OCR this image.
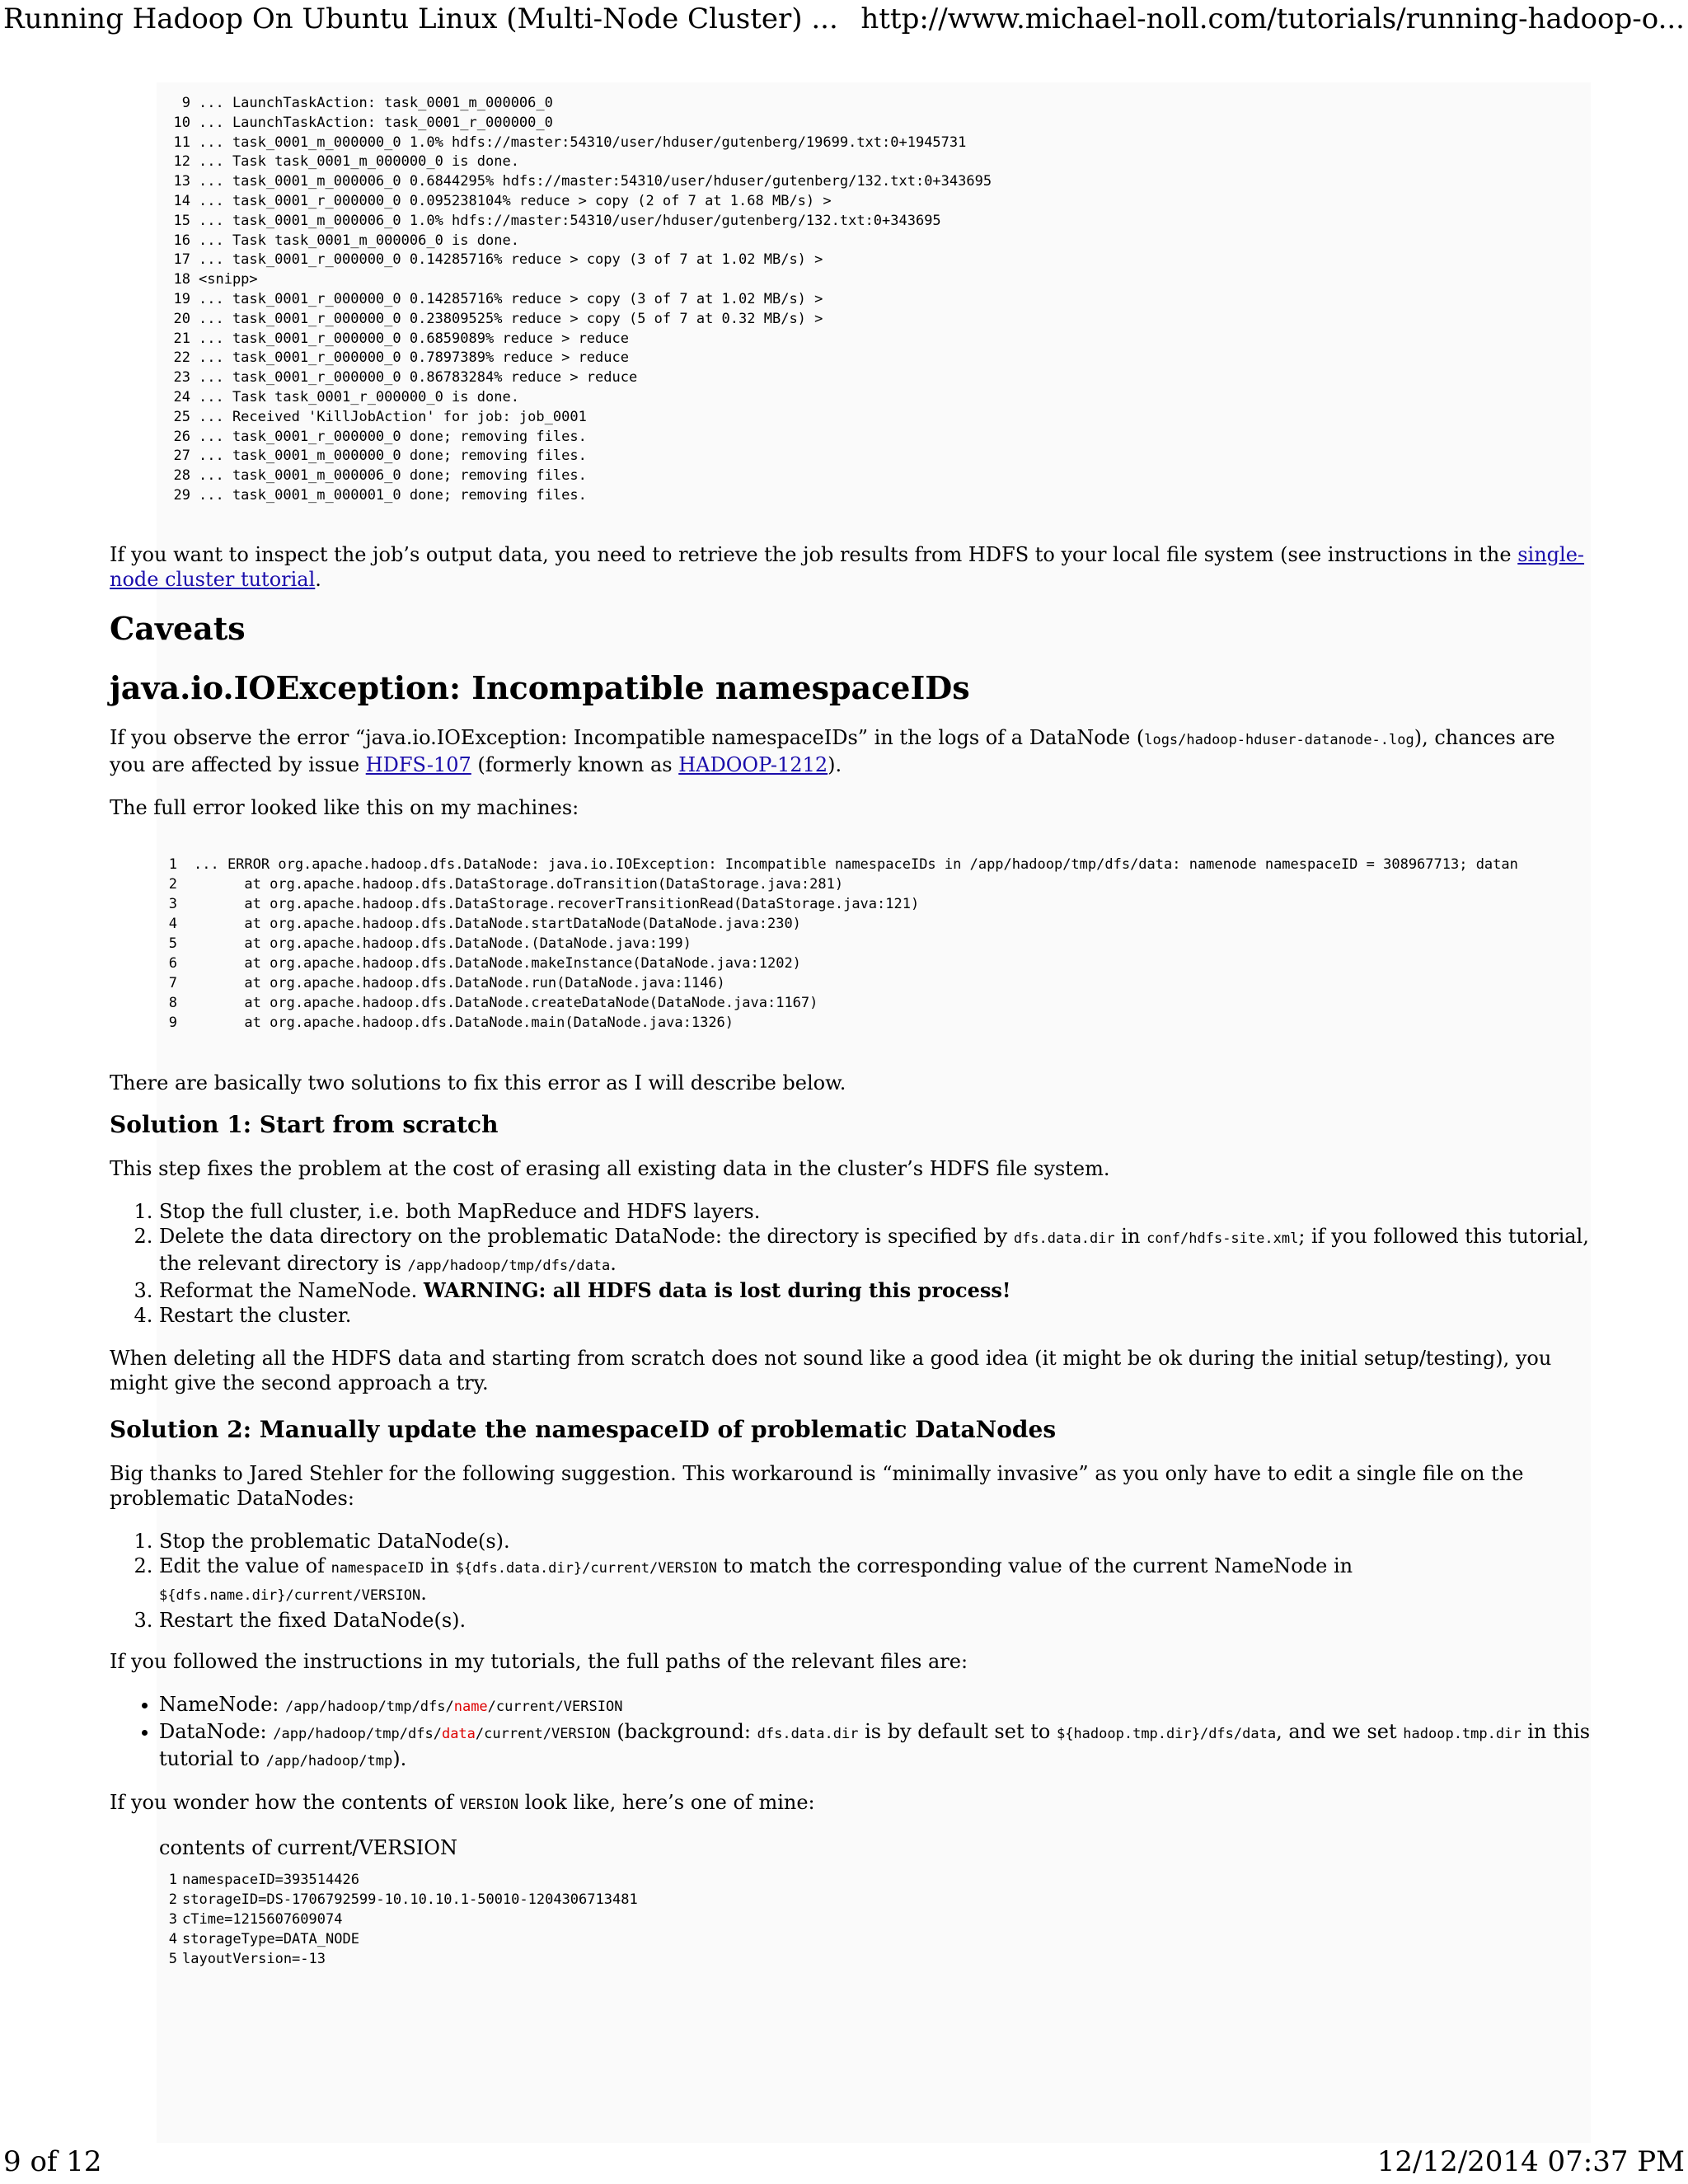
Running Hadoop On Ubuntu Linux (Multi-Node Cluster) ... http://www.michael-noll.com/tutorials/running-hadoop-o...
9 ... LaunchTaskAction: task_0001_m_000006_0
10 ... LaunchTaskAction: task_0001_r_000000_0
11 ... task_0001_m_000000_0 1.0% hdfs://master:54310/user/hduser/gutenberg/19699.txt:0+1945731
12 ... Task task_0001_m_000000_0 is done.
13 ... task_0001_m_000006_0 0.6844295% hdfs://master:54310/user/hduser/gutenberg/132.txt:0+343695
14 ... task_0001_r_000000_0 0.095238104% reduce > copy (2 of 7 at 1.68 MB/s) >
15 ... task_0001_m_000006_0 1.0% hdfs://master:54310/user/hduser/gutenberg/132.txt:0+343695
16 ... Task task_0001_m_000006_0 is done.
17 ... task_0001_r_000000_0 0.14285716% reduce > copy (3 of 7 at 1.02 MB/s) >
18 <snipp>
19 ... task_0001_r_000000_0 0.14285716% reduce > copy (3 of 7 at 1.02 MB/s) >
20 ... task_0001_r_000000_0 0.23809525% reduce > copy (5 of 7 at 0.32 MB/s) >
21 ... task_0001_r_000000_0 0.6859089% reduce > reduce
22 ... task_0001_r_000000_0 0.7897389% reduce > reduce
23 ... task_0001_r_000000_0 0.86783284% reduce > reduce
24 ... Task task_0001_r_000000_0 is done.
25 ... Received 'KillJobAction' for job: job_0001
26 ... task_0001_r_000000_0 done; removing files.
27 ... task_0001_m_000000_0 done; removing files.
28 ... task_0001_m_000006_0 done; removing files.
29 ... task_0001_m_000001_0 done; removing files.

If you want to inspect the job’s output data, you need to retrieve the job results from HDFS to your local file system (see instructions in the single-node cluster tutorial.

Caveats
java.io.IOException: Incompatible namespaceIDs

If you observe the error “java.io.IOException: Incompatible namespaceIDs” in the logs of a DataNode (logs/hadoop-hduser-datanode-.log), chances are you are affected by issue HDFS-107 (formerly known as HADOOP-1212).

The full error looked like this on my machines:

1 ... ERROR org.apache.hadoop.dfs.DataNode: java.io.IOException: Incompatible namespaceIDs in /app/hadoop/tmp/dfs/data: namenode namespaceID = 308967713; datan
2      at org.apache.hadoop.dfs.DataStorage.doTransition(DataStorage.java:281)
3      at org.apache.hadoop.dfs.DataStorage.recoverTransitionRead(DataStorage.java:121)
4      at org.apache.hadoop.dfs.DataNode.startDataNode(DataNode.java:230)
5      at org.apache.hadoop.dfs.DataNode.(DataNode.java:199)
6      at org.apache.hadoop.dfs.DataNode.makeInstance(DataNode.java:1202)
7      at org.apache.hadoop.dfs.DataNode.run(DataNode.java:1146)
8      at org.apache.hadoop.dfs.DataNode.createDataNode(DataNode.java:1167)
9      at org.apache.hadoop.dfs.DataNode.main(DataNode.java:1326)

There are basically two solutions to fix this error as I will describe below.

Solution 1: Start from scratch

This step fixes the problem at the cost of erasing all existing data in the cluster’s HDFS file system.

1. Stop the full cluster, i.e. both MapReduce and HDFS layers.
2. Delete the data directory on the problematic DataNode: the directory is specified by dfs.data.dir in conf/hdfs-site.xml; if you followed this tutorial, the relevant directory is /app/hadoop/tmp/dfs/data.
3. Reformat the NameNode. WARNING: all HDFS data is lost during this process!
4. Restart the cluster.

When deleting all the HDFS data and starting from scratch does not sound like a good idea (it might be ok during the initial setup/testing), you might give the second approach a try.

Solution 2: Manually update the namespaceID of problematic DataNodes

Big thanks to Jared Stehler for the following suggestion. This workaround is “minimally invasive” as you only have to edit a single file on the problematic DataNodes:

1. Stop the problematic DataNode(s).
2. Edit the value of namespaceID in ${dfs.data.dir}/current/VERSION to match the corresponding value of the current NameNode in ${dfs.name.dir}/current/VERSION.
3. Restart the fixed DataNode(s).

If you followed the instructions in my tutorials, the full paths of the relevant files are:

• NameNode: /app/hadoop/tmp/dfs/name/current/VERSION
• DataNode: /app/hadoop/tmp/dfs/data/current/VERSION (background: dfs.data.dir is by default set to ${hadoop.tmp.dir}/dfs/data, and we set hadoop.tmp.dir in this tutorial to /app/hadoop/tmp).

If you wonder how the contents of VERSION look like, here’s one of mine:

contents of current/VERSION
1 namespaceID=393514426
2 storageID=DS-1706792599-10.10.10.1-50010-1204306713481
3 cTime=1215607609074
4 storageType=DATA_NODE
5 layoutVersion=-13
9 of 12	12/12/2014 07:37 PM
